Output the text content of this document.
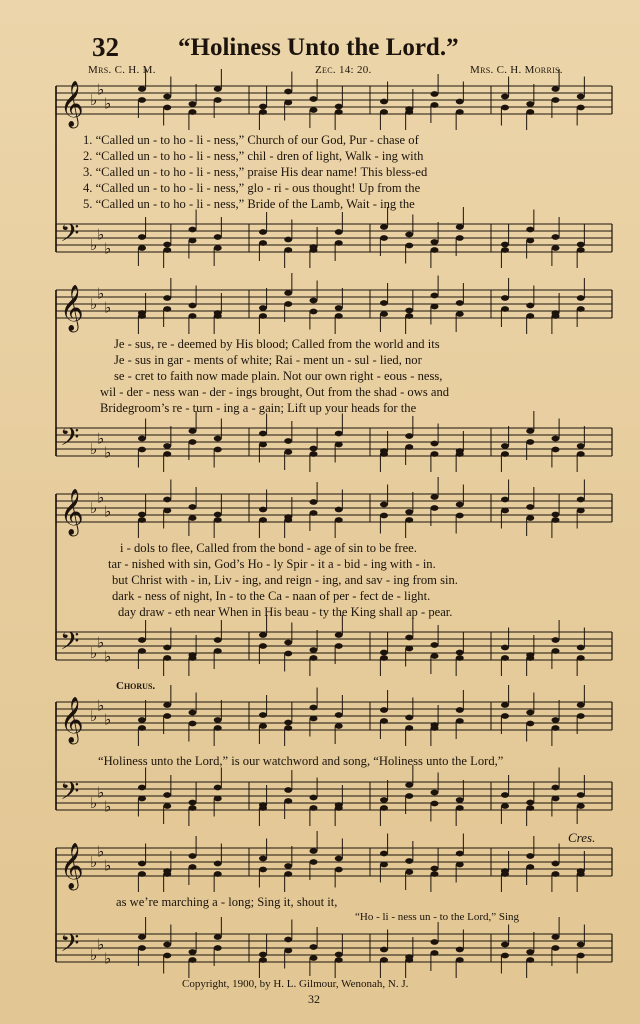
32 “Holiness Unto the Lord.”
Mrs. C. H. M.	Zec. 14: 20.	Mrs. C. H. Morris.
𝄞 ♭
♭
♭
𝄢 ♭
♭
♭
𝄞 ♭
♭
♭
𝄢 ♭
♭
♭
𝄞 ♭
♭
♭
𝄢 ♭
♭
♭
𝄞 ♭
♭
♭
𝄢 ♭
♭
♭
𝄞 ♭
♭
♭
𝄢 ♭
♭
♭
1. “Called un - to ho - li - ness,” Church of our God, Pur - chase of
2. “Called un - to ho - li - ness,” chil - dren of light, Walk - ing with
3. “Called un - to ho - li - ness,” praise His dear name! This bless-ed
4. “Called un - to ho - li - ness,” glo - ri - ous thought! Up from the
5. “Called un - to ho - li - ness,” Bride of the Lamb, Wait - ing the
Je - sus, re - deemed by His blood; Called from the world and its
Je - sus in gar - ments of white; Rai - ment un - sul - lied, nor
se - cret to faith now made plain. Not our own right - eous - ness,
wil - der - ness wan - der - ings brought, Out from the shad - ows and
Bridegroom’s re - turn - ing a - gain; Lift up your heads for the
i - dols to flee, Called from the bond - age of sin to be free.
tar - nished with sin, God’s Ho - ly Spir - it a - bid - ing with - in.
but Christ with - in, Liv - ing, and reign - ing, and sav - ing from sin.
dark - ness of night, In - to the Ca - naan of per - fect de - light.
day draw - eth near When in His beau - ty the King shall ap - pear.
Chorus.
“Holiness unto the Lord,” is our watchword and song, “Holiness unto the Lord,”
Cres.
as we’re marching a - long; Sing it, shout it,
“Ho - li - ness un - to the Lord,” Sing
Copyright, 1900, by H. L. Gilmour, Wenonah, N. J.
32
